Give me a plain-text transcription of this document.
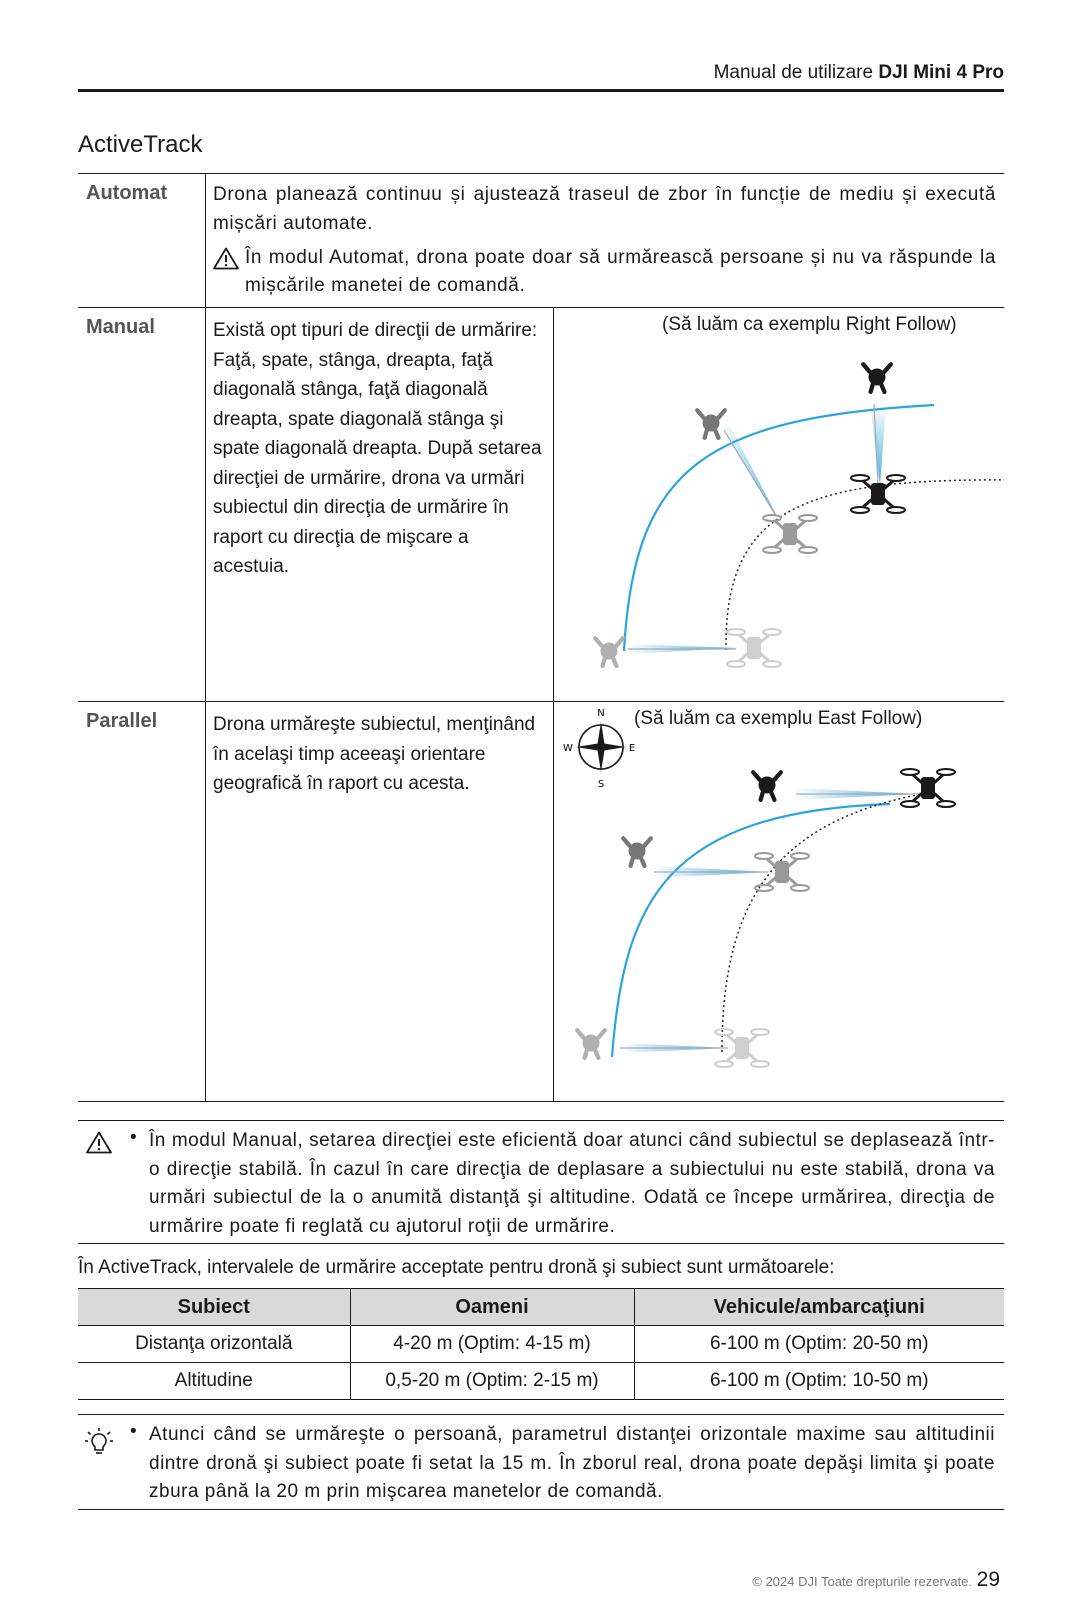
Manual de utilizare DJI Mini 4 Pro
ActiveTrack
Automat Drona planează continuu și ajustează traseul de zbor în funcție de mediu și execută mișcări automate.
În modul Automat, drona poate doar să urmărească persoane și nu va răspunde la mișcările manetei de comandă.
Manual	Există opt tipuri de direcţii de urmărire: Faţă, spate, stânga, dreapta, faţă diagonală stânga, faţă diagonală dreapta, spate diagonală stânga şi spate diagonală dreapta. După setarea direcţiei de urmărire, drona va urmări subiectul din direcţia de urmărire în raport cu direcţia de mişcare a acestuia.
(Să luăm ca exemplu Right Follow)
Parallel	Drona urmăreşte subiectul, menţinând în acelaşi timp aceeaşi orientare geografică în raport cu acesta.
(Să luăm ca exemplu East Follow)
N
S
E
W
• În modul Manual, setarea direcţiei este eficientă doar atunci când subiectul se deplasează într-o direcţie stabilă. În cazul în care direcţia de deplasare a subiectului nu este stabilă, drona va urmări subiectul de la o anumită distanţă şi altitudine. Odată ce începe urmărirea, direcţia de urmărire poate fi reglată cu ajutorul roţii de urmărire.
În ActiveTrack, intervalele de urmărire acceptate pentru dronă şi subiect sunt următoarele:
Subiect	Oameni	Vehicule/ambarcaţiuni
Distanţa orizontală	4-20 m (Optim: 4-15 m)	6-100 m (Optim: 20-50 m)
Altitudine	0,5-20 m (Optim: 2-15 m)	6-100 m (Optim: 10-50 m)
• Atunci când se urmăreşte o persoană, parametrul distanţei orizontale maxime sau altitudinii dintre dronă şi subiect poate fi setat la 15 m. În zborul real, drona poate depăşi limita şi poate zbura până la 20 m prin mişcarea manetelor de comandă.
© 2024 DJI Toate drepturile rezervate. 29
